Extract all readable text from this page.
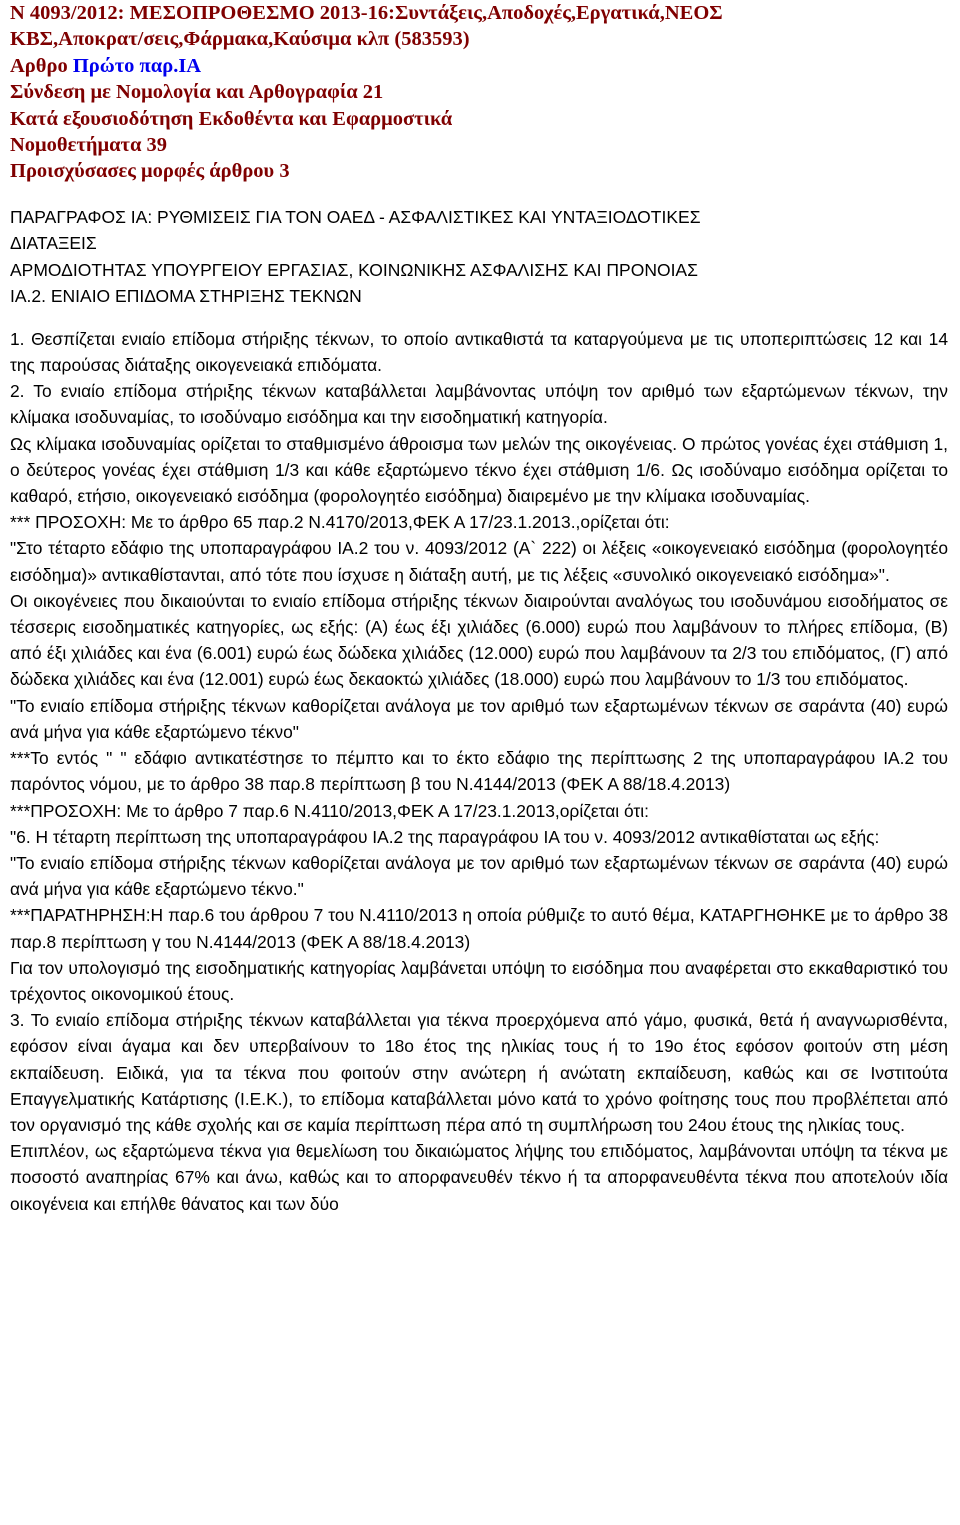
Ν 4093/2012: ΜΕΣΟΠΡΟΘΕΣΜΟ 2013-16:Συντάξεις,Αποδοχές,Εργατικά,ΝΕΟΣ
ΚΒΣ,Αποκρατ/σεις,Φάρμακα,Καύσιμα κλπ (583593)
Αρθρο Πρώτο παρ.ΙΑ
Σύνδεση με Νομολογία και Αρθογραφία 21
Κατά εξουσιοδότηση Εκδοθέντα και Εφαρμοστικά
Νομοθετήματα 39
Προισχύσασες μορφές άρθρου 3
ΠΑΡΑΓΡΑΦΟΣ ΙΑ: ΡΥΘΜΙΣΕΙΣ ΓΙΑ ΤΟΝ ΟΑΕΔ - ΑΣΦΑΛΙΣΤΙΚΕΣ ΚΑΙ ΥΝΤΑΞΙΟΔΟΤΙΚΕΣ
ΔΙΑΤΑΞΕΙΣ
ΑΡΜΟΔΙΟΤΗΤΑΣ ΥΠΟΥΡΓΕΙΟΥ ΕΡΓΑΣΙΑΣ, ΚΟΙΝΩΝΙΚΗΣ ΑΣΦΑΛΙΣΗΣ ΚΑΙ ΠΡΟΝΟΙΑΣ
ΙΑ.2. ΕΝΙΑΙΟ ΕΠΙΔΟΜΑ ΣΤΗΡΙΞΗΣ ΤΕΚΝΩΝ

1. Θεσπίζεται ενιαίο επίδομα στήριξης τέκνων, το οποίο αντικαθιστά τα καταργούμενα με τις υποπεριπτώσεις 12 και 14 της παρούσας διάταξης οικογενειακά επιδόματα.

2. Το ενιαίο επίδομα στήριξης τέκνων καταβάλλεται λαμβάνοντας υπόψη τον αριθμό των εξαρτώμενων τέκνων, την κλίμακα ισοδυναμίας, το ισοδύναμο εισόδημα και την εισοδηματική κατηγορία.

Ως κλίμακα ισοδυναμίας ορίζεται το σταθμισμένο άθροισμα των μελών της οικογένειας. Ο πρώτος γονέας έχει στάθμιση 1, ο δεύτερος γονέας έχει στάθμιση 1/3 και κάθε εξαρτώμενο τέκνο έχει στάθμιση 1/6. Ως ισοδύναμο εισόδημα ορίζεται το καθαρό, ετήσιο, οικογενειακό εισόδημα (φορολογητέο εισόδημα) διαιρεμένο με την κλίμακα ισοδυναμίας.

*** ΠΡΟΣΟΧΗ: Με το άρθρο 65 παρ.2 Ν.4170/2013,ΦΕΚ Α 17/23.1.2013.,ορίζεται ότι:

"Στο τέταρτο εδάφιο της υποπαραγράφου ΙΑ.2 του ν. 4093/2012 (Α` 222) οι λέξεις «οικογενειακό εισόδημα (φορολογητέο εισόδημα)» αντικαθίστανται, από τότε που ίσχυσε η διάταξη αυτή, με τις λέξεις «συνολικό οικογενειακό εισόδημα»".

Οι οικογένειες που δικαιούνται το ενιαίο επίδομα στήριξης τέκνων διαιρούνται αναλόγως του ισοδυνάμου εισοδήματος σε τέσσερις εισοδηματικές κατηγορίες, ως εξής: (Α) έως έξι χιλιάδες (6.000) ευρώ που λαμβάνουν το πλήρες επίδομα, (Β) από έξι χιλιάδες και ένα (6.001) ευρώ έως δώδεκα χιλιάδες (12.000) ευρώ που λαμβάνουν τα 2/3 του επιδόματος, (Γ) από δώδεκα χιλιάδες και ένα (12.001) ευρώ έως δεκαοκτώ χιλιάδες (18.000) ευρώ που λαμβάνουν το 1/3 του επιδόματος.

"Το ενιαίο επίδομα στήριξης τέκνων καθορίζεται ανάλογα με τον αριθμό των εξαρτωμένων τέκνων σε σαράντα (40) ευρώ ανά μήνα για κάθε εξαρτώμενο τέκνο"

***Το εντός " " εδάφιο αντικατέστησε το πέμπτο και το έκτο εδάφιο της περίπτωσης 2 της υποπαραγράφου ΙΑ.2 του παρόντος νόμου, με το άρθρο 38 παρ.8 περίπτωση β του Ν.4144/2013 (ΦΕΚ Α 88/18.4.2013)

***ΠΡΟΣΟΧΗ: Με το άρθρο 7 παρ.6 Ν.4110/2013,ΦΕΚ Α 17/23.1.2013,ορίζεται ότι:

"6. Η τέταρτη περίπτωση της υποπαραγράφου ΙΑ.2 της παραγράφου ΙΑ του ν. 4093/2012 αντικαθίσταται ως εξής:

"Το ενιαίο επίδομα στήριξης τέκνων καθορίζεται ανάλογα με τον αριθμό των εξαρτωμένων τέκνων σε σαράντα (40) ευρώ ανά μήνα για κάθε εξαρτώμενο τέκνο."

***ΠΑΡΑΤΗΡΗΣΗ:Η παρ.6 του άρθρου 7 του Ν.4110/2013 η οποία ρύθμιζε το αυτό θέμα, ΚΑΤΑΡΓΗΘΗΚΕ με το άρθρο 38 παρ.8 περίπτωση γ του Ν.4144/2013 (ΦΕΚ Α 88/18.4.2013)

Για τον υπολογισμό της εισοδηματικής κατηγορίας λαμβάνεται υπόψη το εισόδημα που αναφέρεται στο εκκαθαριστικό του τρέχοντος οικονομικού έτους.

3. Το ενιαίο επίδομα στήριξης τέκνων καταβάλλεται για τέκνα προερχόμενα από γάμο, φυσικά, θετά ή αναγνωρισθέντα, εφόσον είναι άγαμα και δεν υπερβαίνουν το 18ο έτος της ηλικίας τους ή το 19ο έτος εφόσον φοιτούν στη μέση εκπαίδευση. Ειδικά, για τα τέκνα που φοιτούν στην ανώτερη ή ανώτατη εκπαίδευση, καθώς και σε Ινστιτούτα Επαγγελματικής Κατάρτισης (Ι.Ε.Κ.), το επίδομα καταβάλλεται μόνο κατά το χρόνο φοίτησης τους που προβλέπεται από τον οργανισμό της κάθε σχολής και σε καμία περίπτωση πέρα από τη συμπλήρωση του 24ου έτους της ηλικίας τους.

Επιπλέον, ως εξαρτώμενα τέκνα για θεμελίωση του δικαιώματος λήψης του επιδόματος, λαμβάνονται υπόψη τα τέκνα με ποσοστό αναπηρίας 67% και άνω, καθώς και το απορφανευθέν τέκνο ή τα απορφανευθέντα τέκνα που αποτελούν ιδία οικογένεια και επήλθε θάνατος και των δύο
